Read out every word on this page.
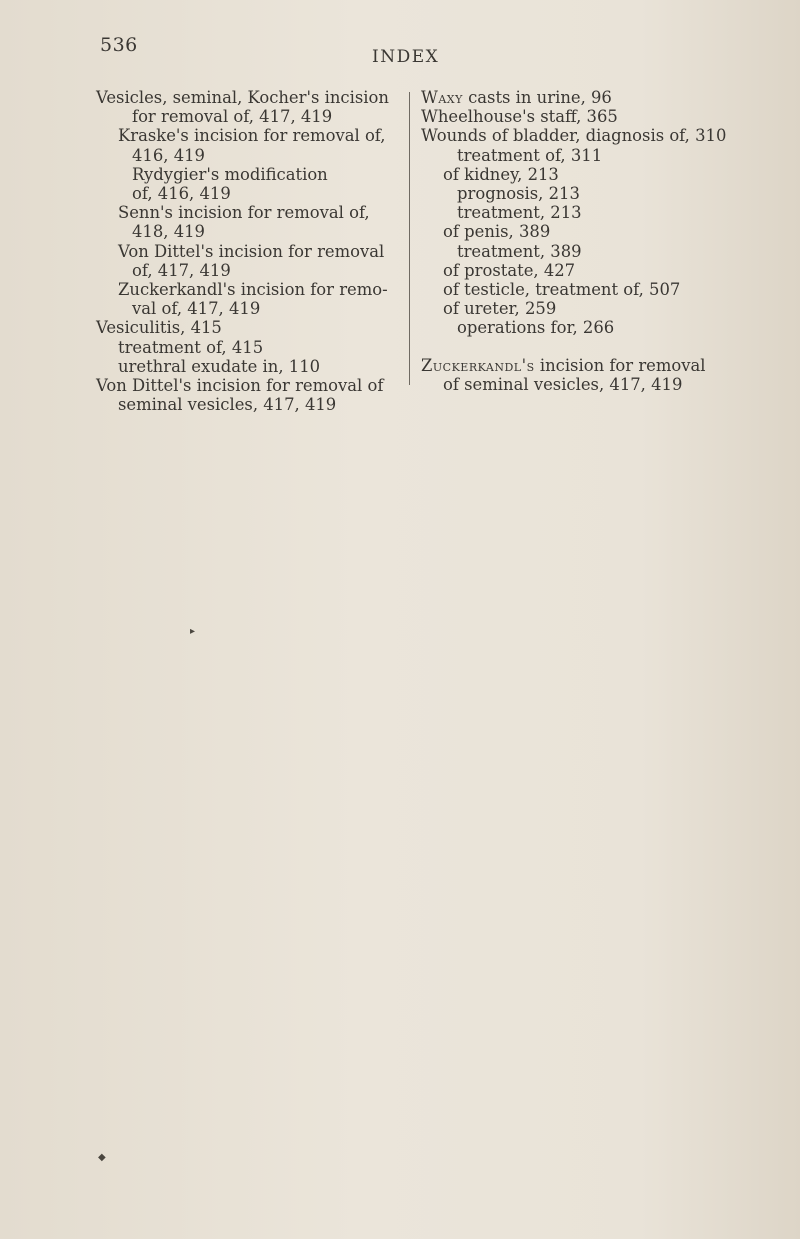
536
INDEX
Vesicles, seminal, Kocher's incision
for removal of, 417, 419
Kraske's incision for removal of,
416, 419
Rydygier's modification
of, 416, 419
Senn's incision for removal of,
418, 419
Von Dittel's incision for removal
of, 417, 419
Zuckerkandl's incision for remo-
val of, 417, 419
Vesiculitis, 415
treatment of, 415
urethral exudate in, 110
Von Dittel's incision for removal of
seminal vesicles, 417, 419
Waxy casts in urine, 96
Wheelhouse's staff, 365
Wounds of bladder, diagnosis of, 310
treatment of, 311
of kidney, 213
prognosis, 213
treatment, 213
of penis, 389
treatment, 389
of prostate, 427
of testicle, treatment of, 507
of ureter, 259
operations for, 266
Zuckerkandl's incision for removal
of seminal vesicles, 417, 419
▸
◆
